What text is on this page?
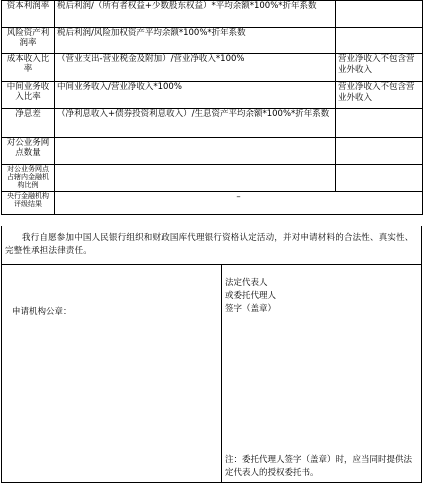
资本利润率	税后利润/（所有者权益+少数股东权益）*平均余额*100%*折年系数	
风险资产利润率	税后利润/风险加权资产平均余额*100%*折年系数	
成本收入比率	（营业支出-营业税金及附加）/营业净收入*100%	营业净收入不包含营业外收入
中间业务收入比率	中间业务收入/营业净收入*100%	营业净收入不包含营业外收入
净息差	（净利息收入+债券投资利息收入）/生息资产平均余额*100%*折年系数	
对公业务网点数量		
对公业务网点占辖内金融机构比例		
央行金融机构评级结果	–	
我行自愿参加中国人民银行组织和财政国库代理银行资格认定活动，并对申请材料的合法性、真实性、完整性承担法律责任。
申请机构公章：
法定代表人
或委托代理人
签字（盖章）
注：委托代理人签字（盖章）时，应当同时提供法定代表人的授权委托书。
